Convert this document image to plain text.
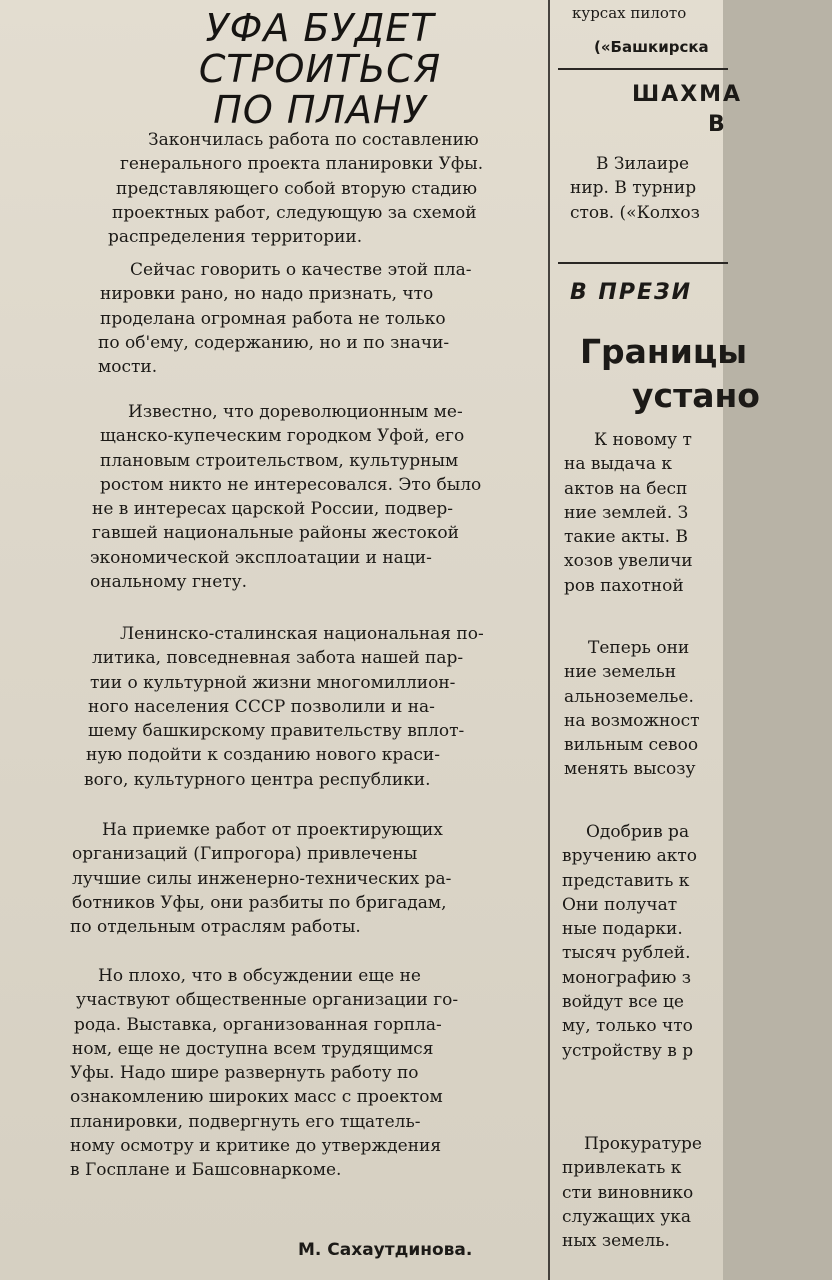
УФА БУДЕТ
СТРОИТЬСЯ
ПО ПЛАНУ
Закончилась работа по составлению
генерального проекта планировки Уфы.
представляющего собой вторую стадию
проектных работ, следующую за схемой
распределения территории.
Сейчас говорить о качестве этой пла-
нировки рано, но надо признать, что
проделана огромная работа не только
по об'ему, содержанию, но и по значи-
мости.
Известно, что дореволюционным ме-
щанско-купеческим городком Уфой, его
плановым строительством, культурным
ростом никто не интересовался. Это было
не в интересах царской России, подвер-
гавшей национальные районы жестокой
экономической эксплоатации и наци-
ональному гнету.
Ленинско-сталинская национальная по-
литика, повседневная забота нашей пар-
тии о культурной жизни многомиллион-
ного населения СССР позволили и на-
шему башкирскому правительству вплот-
ную подойти к созданию нового краси-
вого, культурного центра республики.
На приемке работ от проектирующих
организаций (Гипрогора) привлечены
лучшие силы инженерно-технических ра-
ботников Уфы, они разбиты по бригадам,
по отдельным отраслям работы.
Но плохо, что в обсуждении еще не
участвуют общественные организации го-
рода. Выставка, организованная горпла-
ном, еще не доступна всем трудящимся
Уфы. Надо шире развернуть работу по
ознакомлению широких масс с проектом
планировки, подвергнуть его тщатель-
ному осмотру и критике до утверждения
в Госплане и Башсовнаркоме.
М. Сахаутдинова.
курсах пилото
(«Башкирска
ШАХМА
В
В Зилаире
нир. В турнир
стов. («Колхоз
В ПРЕЗИ
Границы
устано
К новому т
на выдача к
актов на бесп
ние землей. З
такие акты. В
хозов увеличи
ров пахотной
Теперь они
ние земельн
альноземелье.
на возможност
вильным севоо
менять высозу
Одобрив ра
вручению акто
представить к
Они получат
ные подарки.
тысяч рублей.
монографию з
войдут все це
му, только что
устройству в р
Прокуратуре
привлекать к
сти виновнико
служащих ука
ных земель.
